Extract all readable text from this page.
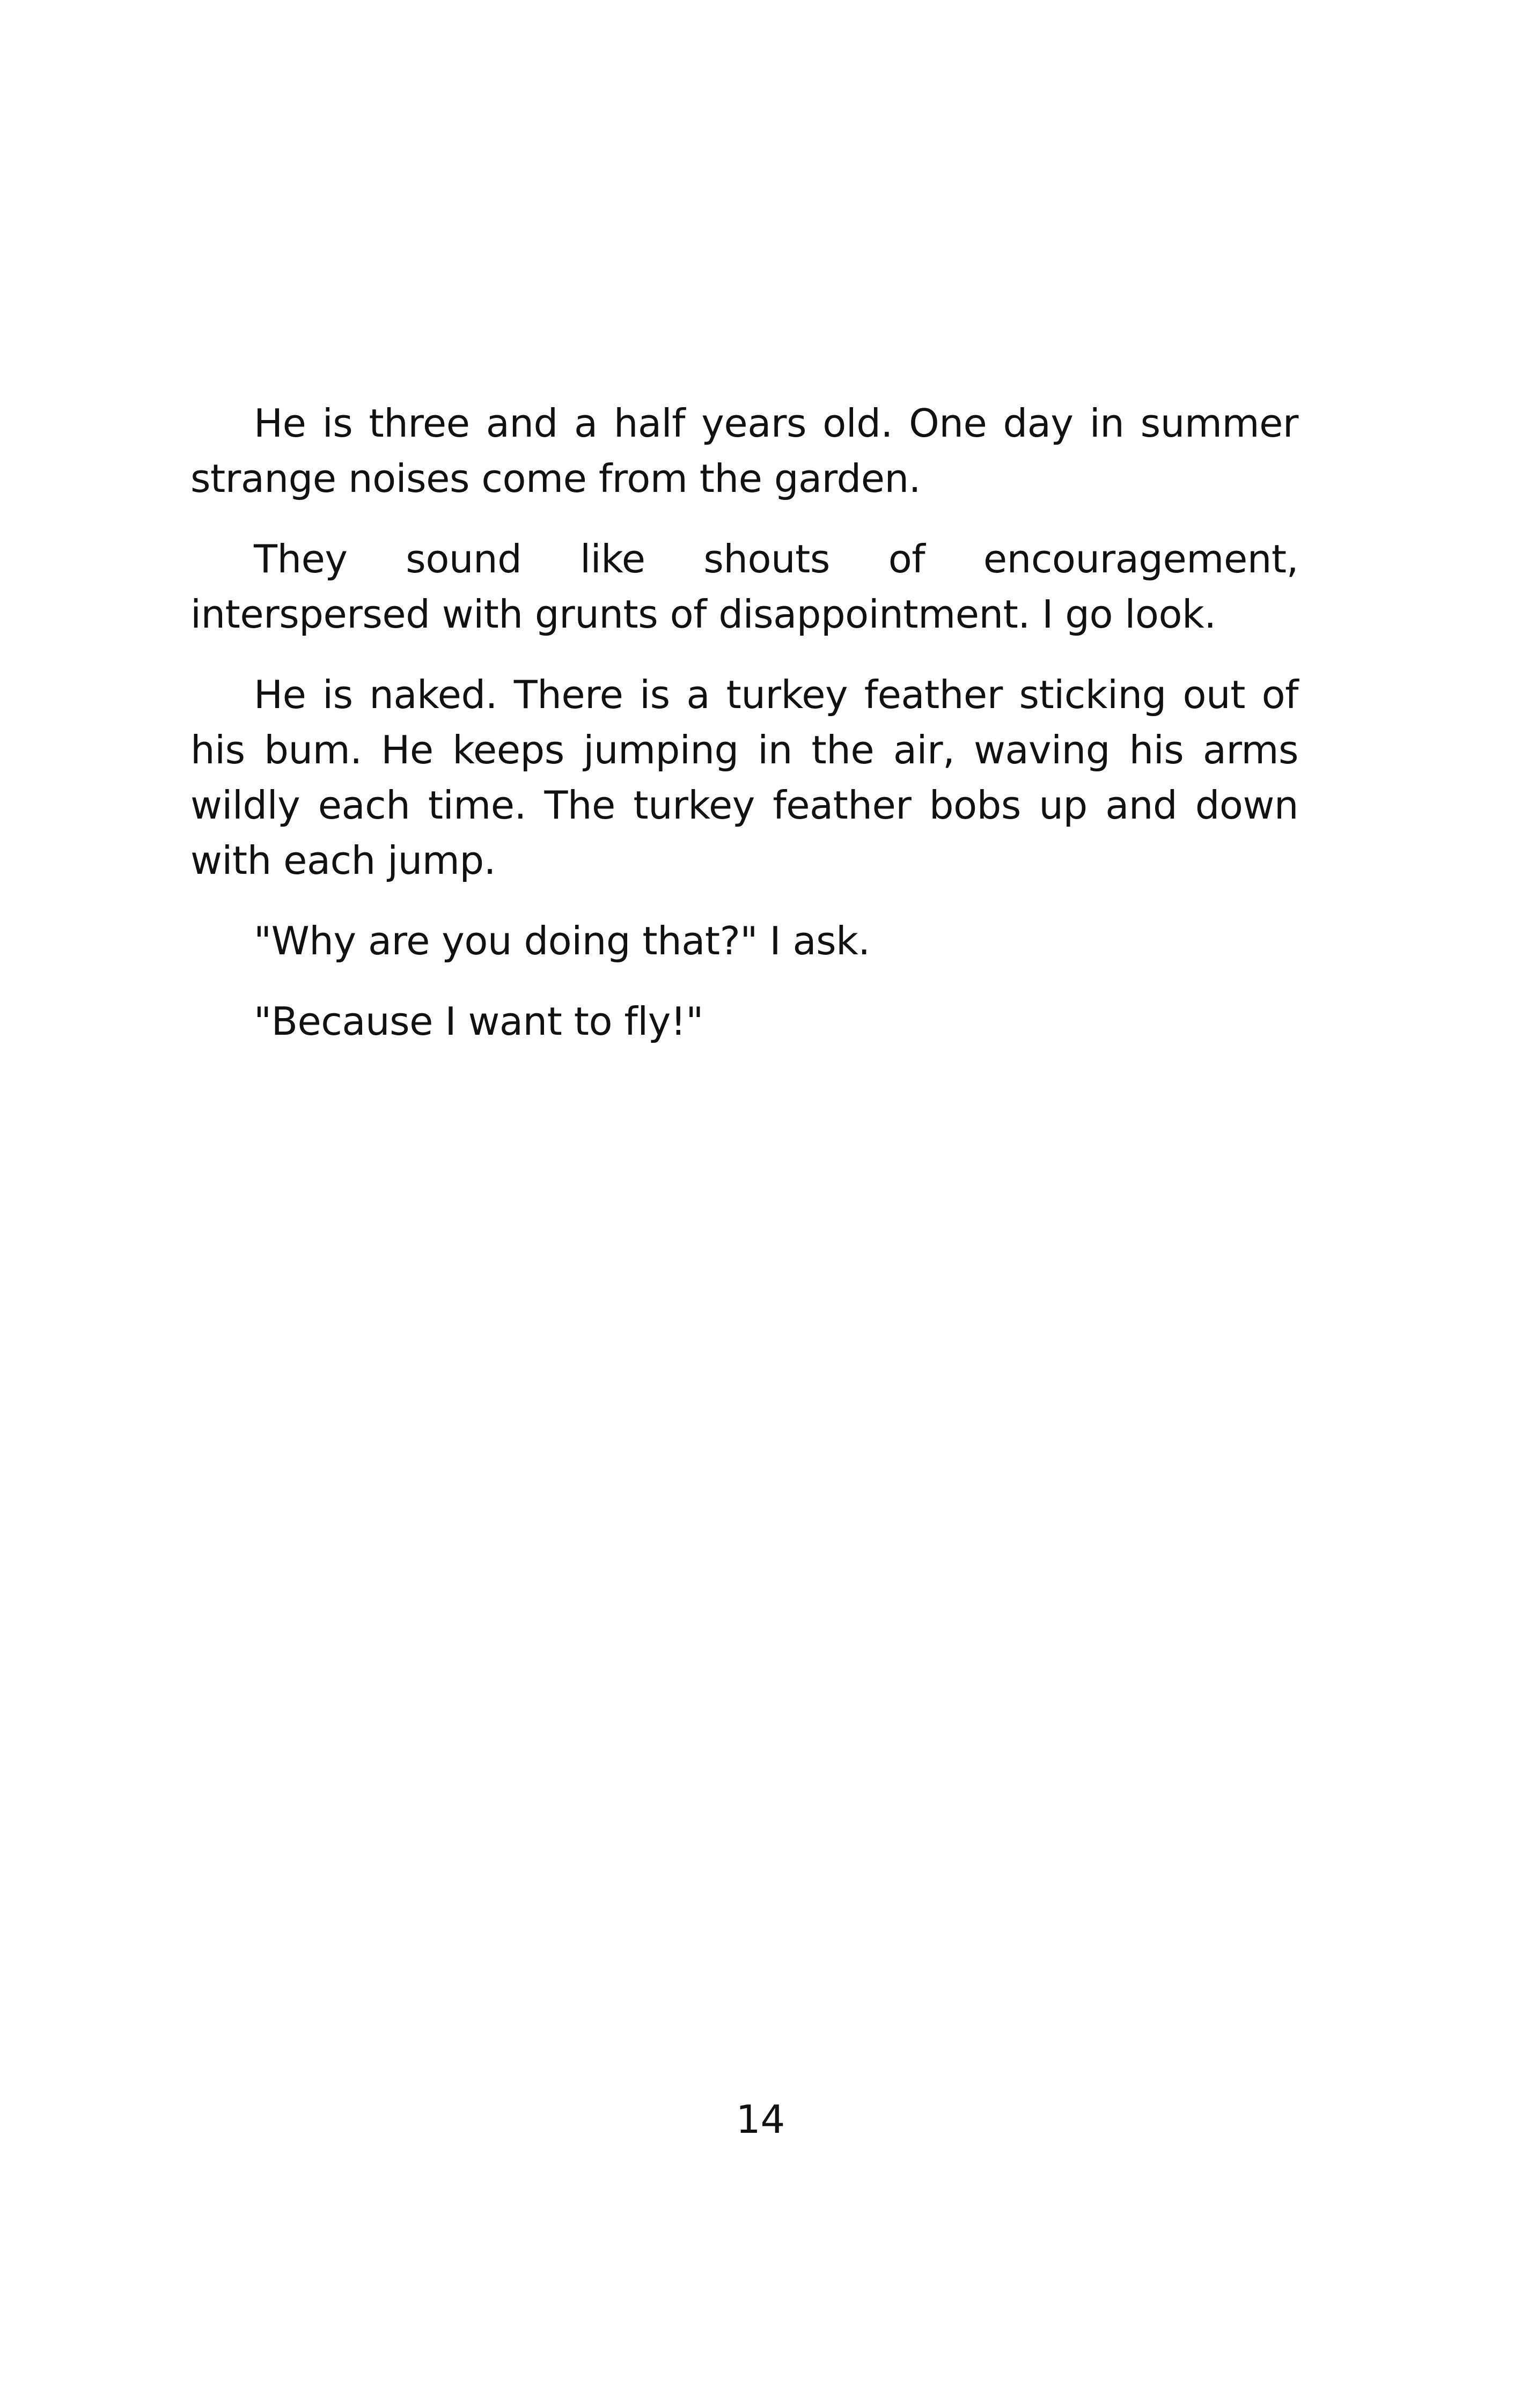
He is three and a half years old. One day in summer strange noises come from the garden.

They sound like shouts of encouragement, interspersed with grunts of disappointment. I go look.

He is naked. There is a turkey feather sticking out of his bum. He keeps jumping in the air, waving his arms wildly each time. The turkey feather bobs up and down with each jump.

"Why are you doing that?" I ask.

"Because I want to fly!"

14
